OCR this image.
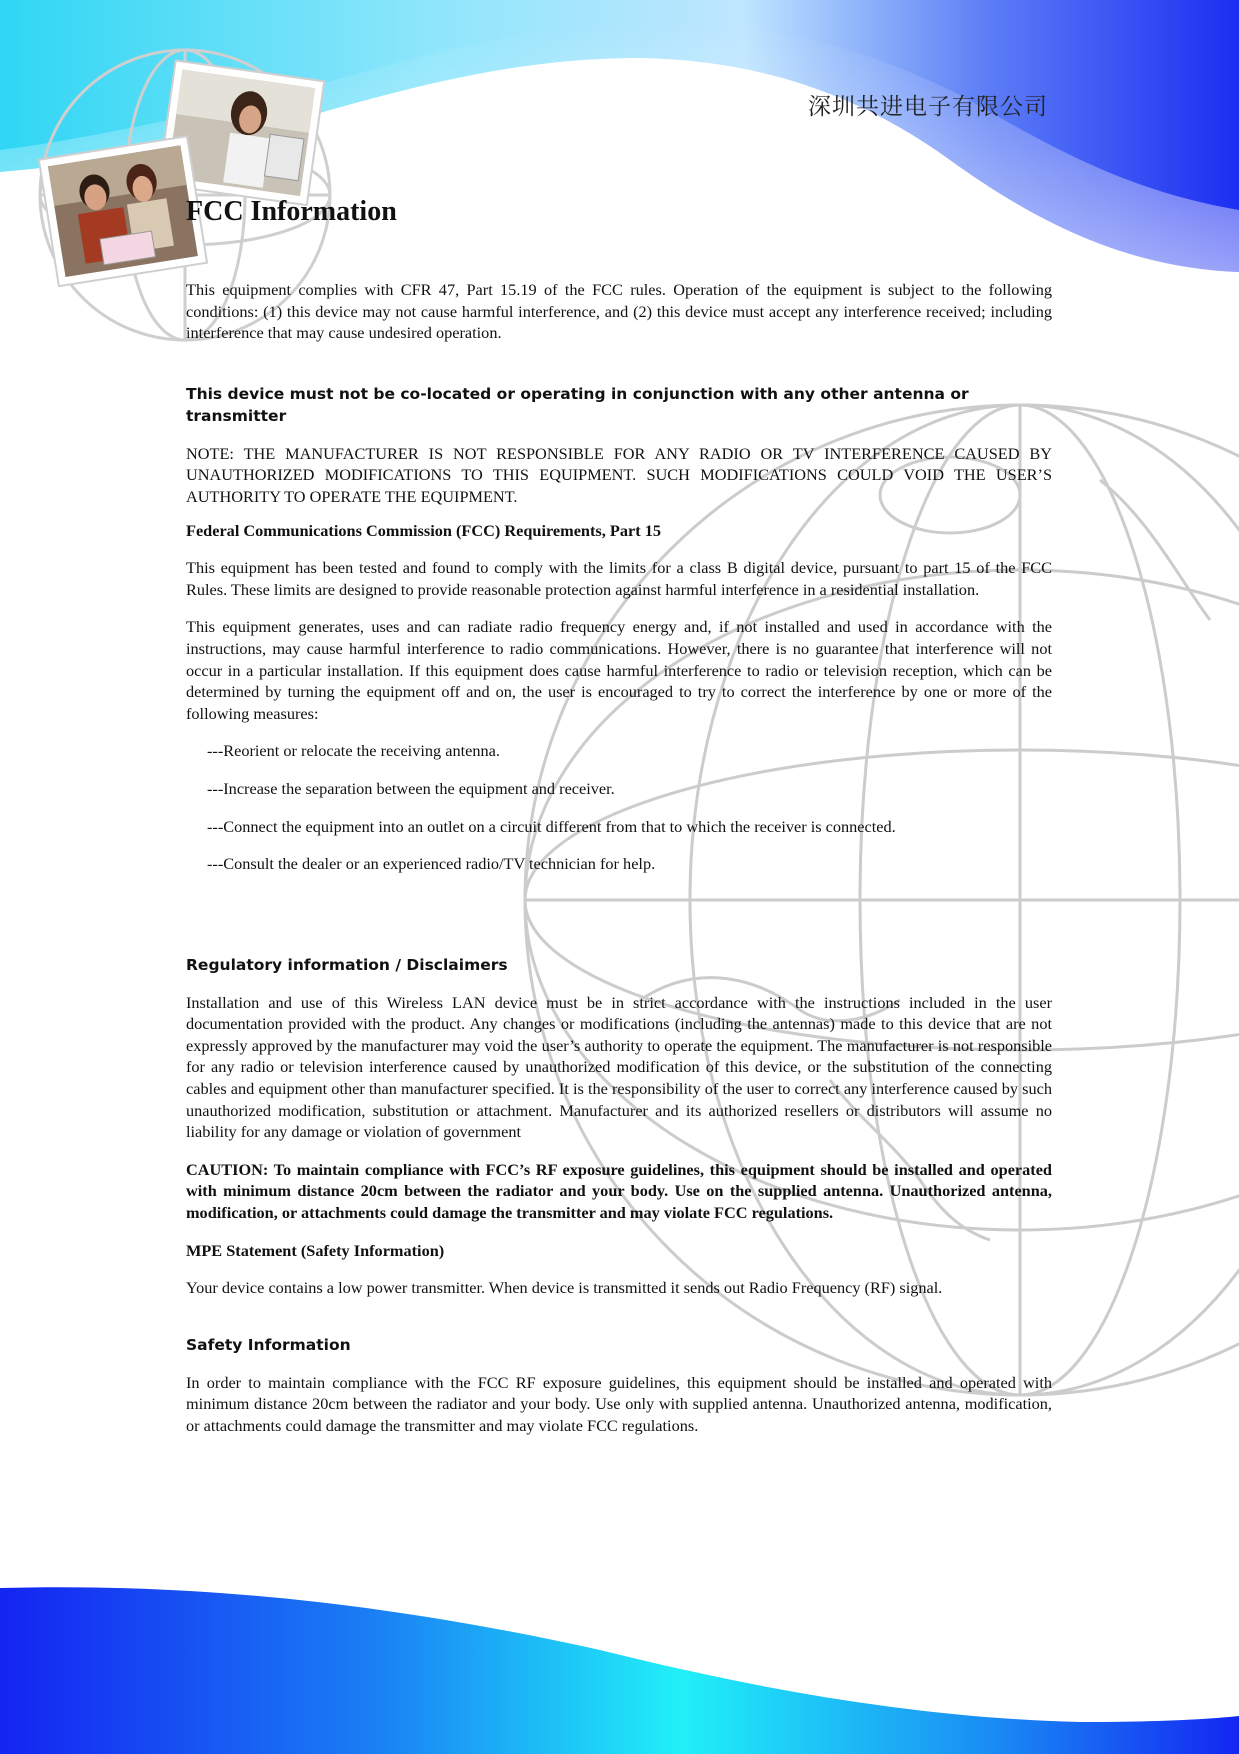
深圳共进电子有限公司
FCC Information

This equipment complies with CFR 47, Part 15.19 of the FCC rules. Operation of the equipment is subject to the following conditions: (1) this device may not cause harmful interference, and (2) this device must accept any interference received; including interference that may cause undesired operation.

This device must not be co-located or operating in conjunction with any other antenna or transmitter

NOTE: THE MANUFACTURER IS NOT RESPONSIBLE FOR ANY RADIO OR TV INTERFERENCE CAUSED BY UNAUTHORIZED MODIFICATIONS TO THIS EQUIPMENT. SUCH MODIFICATIONS COULD VOID THE USER’S AUTHORITY TO OPERATE THE EQUIPMENT.

Federal Communications Commission (FCC) Requirements, Part 15

This equipment has been tested and found to comply with the limits for a class B digital device, pursuant to part 15 of the FCC Rules. These limits are designed to provide reasonable protection against harmful interference in a residential installation.

This equipment generates, uses and can radiate radio frequency energy and, if not installed and used in accordance with the instructions, may cause harmful interference to radio communications. However, there is no guarantee that interference will not occur in a particular installation. If this equipment does cause harmful interference to radio or television reception, which can be determined by turning the equipment off and on, the user is encouraged to try to correct the interference by one or more of the following measures:

---Reorient or relocate the receiving antenna.
---Increase the separation between the equipment and receiver.
---Connect the equipment into an outlet on a circuit different from that to which the receiver is connected.
---Consult the dealer or an experienced radio/TV technician for help.
Regulatory information / Disclaimers

Installation and use of this Wireless LAN device must be in strict accordance with the instructions included in the user documentation provided with the product. Any changes or modifications (including the antennas) made to this device that are not expressly approved by the manufacturer may void the user’s authority to operate the equipment. The manufacturer is not responsible for any radio or television interference caused by unauthorized modification of this device, or the substitution of the connecting cables and equipment other than manufacturer specified. It is the responsibility of the user to correct any interference caused by such unauthorized modification, substitution or attachment. Manufacturer and its authorized resellers or distributors will assume no liability for any damage or violation of government

CAUTION: To maintain compliance with FCC’s RF exposure guidelines, this equipment should be installed and operated with minimum distance 20cm between the radiator and your body. Use on the supplied antenna. Unauthorized antenna, modification, or attachments could damage the transmitter and may violate FCC regulations.

MPE Statement (Safety Information)

Your device contains a low power transmitter. When device is transmitted it sends out Radio Frequency (RF) signal.

Safety Information

In order to maintain compliance with the FCC RF exposure guidelines, this equipment should be installed and operated with minimum distance 20cm between the radiator and your body. Use only with supplied antenna. Unauthorized antenna, modification, or attachments could damage the transmitter and may violate FCC regulations.
